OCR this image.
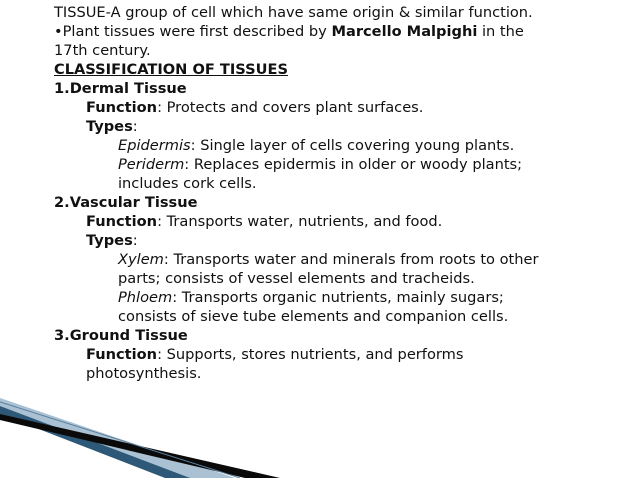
TISSUE-A group of cell which have same origin & similar function.
•Plant tissues were first described by Marcello Malpighi in the
17th century.
CLASSIFICATION OF TISSUES
1.Dermal Tissue
Function: Protects and covers plant surfaces.
Types:
Epidermis: Single layer of cells covering young plants.
Periderm: Replaces epidermis in older or woody plants;
includes cork cells.
2.Vascular Tissue
Function: Transports water, nutrients, and food.
Types:
Xylem: Transports water and minerals from roots to other
parts; consists of vessel elements and tracheids.
Phloem: Transports organic nutrients, mainly sugars;
consists of sieve tube elements and companion cells.
3.Ground Tissue
Function: Supports, stores nutrients, and performs
photosynthesis.
